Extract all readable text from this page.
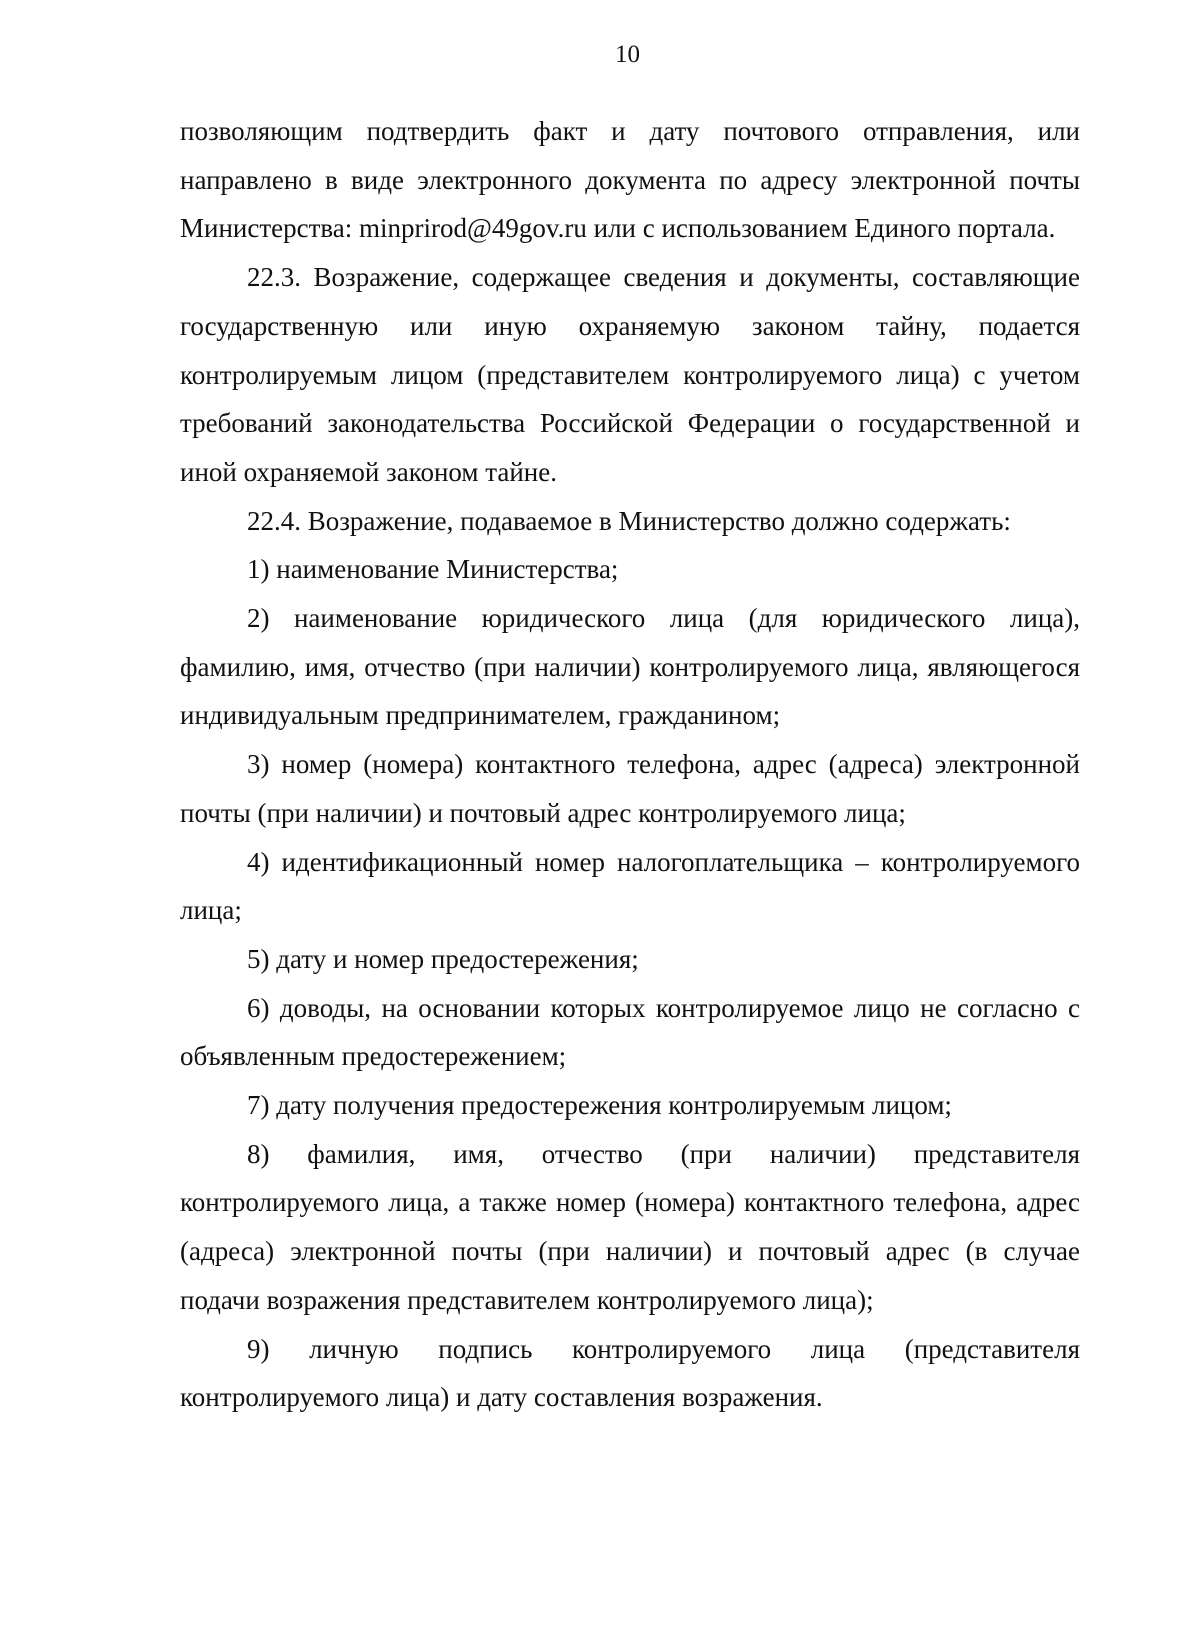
10

позволяющим подтвердить факт и дату почтового отправления, или направлено в виде электронного документа по адресу электронной почты Министерства: minprirod@49gov.ru или с использованием Единого портала.

22.3. Возражение, содержащее сведения и документы, составляющие государственную или иную охраняемую законом тайну, подается контролируемым лицом (представителем контролируемого лица) с учетом требований законодательства Российской Федерации о государственной и иной охраняемой законом тайне.

22.4. Возражение, подаваемое в Министерство должно содержать:

1) наименование Министерства;

2) наименование юридического лица (для юридического лица), фамилию, имя, отчество (при наличии) контролируемого лица, являющегося индивидуальным предпринимателем, гражданином;

3) номер (номера) контактного телефона, адрес (адреса) электронной почты (при наличии) и почтовый адрес контролируемого лица;

4) идентификационный номер налогоплательщика – контролируемого лица;

5) дату и номер предостережения;

6) доводы, на основании которых контролируемое лицо не согласно с объявленным предостережением;

7) дату получения предостережения контролируемым лицом;

8) фамилия, имя, отчество (при наличии) представителя контролируемого лица, а также номер (номера) контактного телефона, адрес (адреса) электронной почты (при наличии) и почтовый адрес (в случае подачи возражения представителем контролируемого лица);

9) личную подпись контролируемого лица (представителя контролируемого лица) и дату составления возражения.
